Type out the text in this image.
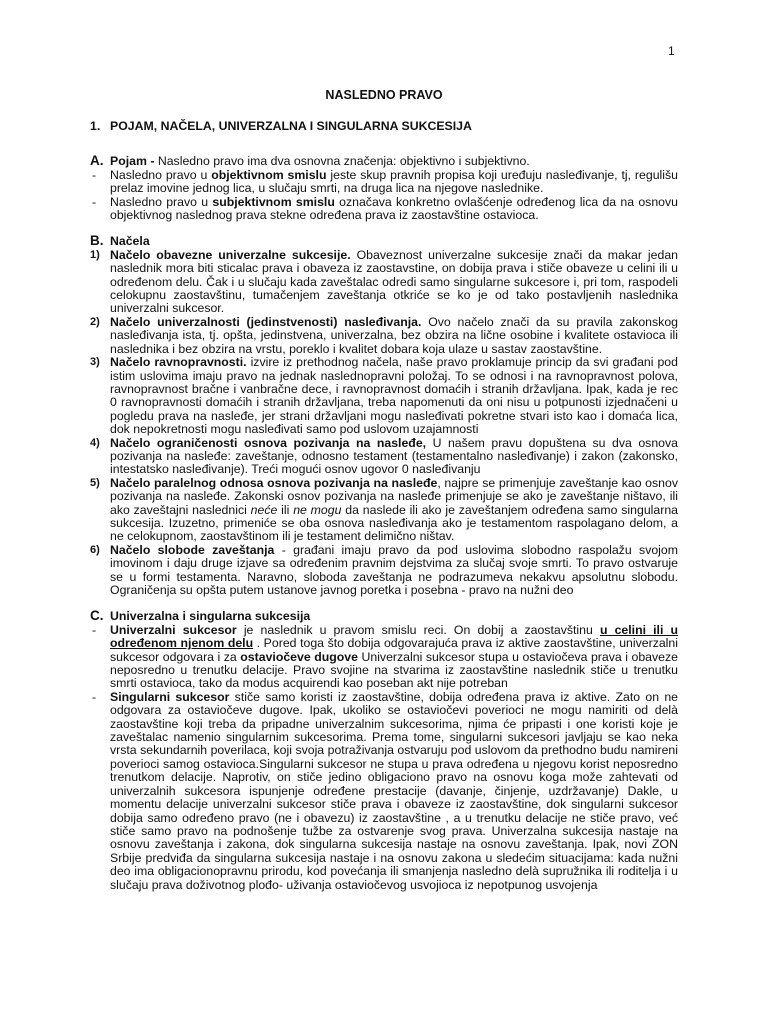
1
NASLEDNO PRAVO

1. POJAM, NAČELA, UNIVERZALNA I SINGULARNA SUKCESIJA

A. Pojam - Nasledno pravo ima dva osnovna značenja: objektivno i subjektivno.

- Nasledno pravo u objektivnom smislu jeste skup pravnih propisa koji uređuju nasleđivanje, tj, regulišu prelaz imovine jednog lica, u slučaju smrti, na druga lica na njegove naslednike.

- Nasledno pravo u subjektivnom smislu označava konkretno ovlašćenje određenog lica da na osnovu objektivnog naslednog prava stekne određena prava iz zaostavštine ostavioca.

B. Načela

1) Načelo obavezne univerzalne sukcesije. Obaveznost univerzalne sukcesije znači da makar jedan naslednik mora biti sticalac prava i obaveza iz zaostavstine, on dobija prava i stiče obaveze u celini ili u određenom delu. Čak i u slučaju kada zaveštalac odredi samo singularne sukcesore i, pri tom, raspodeli celokupnu zaostavštinu, tumačenjem zaveštanja otkriće se ko je od tako postavljenih naslednika univerzalni sukcesor.

2) Načelo univerzalnosti (jedinstvenosti) nasleđivanja. Ovo načelo znači da su pravila zakonskog nasleđivanja ista, tj. opšta, jedinstvena, univerzalna, bez obzira na lične osobine i kvalitete ostavioca ili naslednika i bez obzira na vrstu, poreklo i kvalitet dobara koja ulaze u sastav zaostavštine.

3) Načelo ravnopravnosti. izvire iz prethodnog načela, naše pravo proklamuje princip da svi građani pod istim uslovima imaju pravo na jednak naslednopravni položaj. To se odnosi i na ravnopravnost polova, ravnopravnost bračne i vanbračne dece, i ravnopravnost domaćih i stranih državljana. Ipak, kada je rec 0 ravnopravnosti domaćih i stranih državljana, treba napomenuti da oni nisu u potpunosti izjednačeni u pogledu prava na nasleđe, jer strani državljani mogu nasleđivati pokretne stvari isto kao i domaća lica, dok nepokretnosti mogu nasleđivati samo pod uslovom uzajamnosti

4) Načelo ograničenosti osnova pozivanja na nasleđe, U našem pravu dopuštena su dva osnova pozivanja na nasleđe: zaveštanje, odnosno testament (testamentalno nasleđivanje) i zakon (zakonsko, intestatsko nasleđivanje). Treći mogući osnov ugovor 0 nasleđivanju

5) Načelo paralelnog odnosa osnova pozivanja na nasleđe, najpre se primenjuje zaveštanje kao osnov pozivanja na nasleđe. Zakonski osnov pozivanja na nasleđe primenjuje se ako je zaveštanje ništavo, ili ako zaveštajni naslednici neće ili ne mogu da naslede ili ako je zaveštanjem određena samo singularna sukcesija. Izuzetno, primeniće se oba osnova nasleđivanja ako je testamentom raspolagano delom, a ne celokupnom, zaostavštinom ili je testament delimično ništav.

6) Načelo slobode zaveštanja - građani imaju pravo da pod uslovima slobodno raspolažu svojom imovinom i daju druge izjave sa određenim pravnim dejstvima za slučaj svoje smrti. To pravo ostvaruje se u formi testamenta. Naravno, sloboda zaveštanja ne podrazumeva nekakvu apsolutnu slobodu. Ograničenja su opšta putem ustanove javnog poretka i posebna - pravo na nužni deo

C. Univerzalna i singularna sukcesija

- Univerzalni sukcesor je naslednik u pravom smislu reci. On dobij a zaostavštinu u celini ili u određenom njenom delu . Pored toga što dobija odgovarajuća prava iz aktive zaostavštine, univerzalni sukcesor odgovara i za ostaviočeve dugove Univerzalni sukcesor stupa u ostaviočeva prava i obaveze neposredno u trenutku delacije. Pravo svojine na stvarima iz zaostavštine naslednik stiče u trenutku smrti ostavioca, tako da modus acquirendi kao poseban akt nije potreban

- Singularni sukcesor stiče samo koristi iz zaostavštine, dobija određena prava iz aktive. Zato on ne odgovara za ostaviočeve dugove. Ipak, ukoliko se ostaviočevi poverioci ne mogu namiriti od delà zaostavštine koji treba da pripadne univerzalnim sukcesorima, njima će pripasti i one koristi koje je zaveštalac namenio singularnim sukcesorima. Prema tome, singularni sukcesori javljaju se kao neka vrsta sekundarnih poverilaca, koji svoja potraživanja ostvaruju pod uslovom da prethodno budu namireni poverioci samog ostavioca.Singularni sukcesor ne stupa u prava određena u njegovu korist neposredno trenutkom delacije. Naprotiv, on stiče jedino obligaciono pravo na osnovu koga može zahtevati od univerzalnih sukcesora ispunjenje određene prestacije (davanje, činjenje, uzdržavanje) Dakle, u momentu delacije univerzalni sukcesor stiče prava i obaveze iz zaostavštine, dok singularni sukcesor dobija samo određeno pravo (ne i obavezu) iz zaostavštine , a u trenutku delacije ne stiče pravo, već stiče samo pravo na podnošenje tužbe za ostvarenje svog prava. Univerzalna sukcesija nastaje na osnovu zaveštanja i zakona, dok singularna sukcesija nastaje na osnovu zaveštanja. Ipak, novi ZON Srbije predviđa da singularna sukcesija nastaje i na osnovu zakona u sledećim situacijama: kada nužni deo ima obligacionopravnu prirodu, kod povećanja ili smanjenja nasledno delà supružnika ili roditelja i u slučaju prava doživotnog plođo- uživanja ostaviočevog usvojioca iz nepotpunog usvojenja
